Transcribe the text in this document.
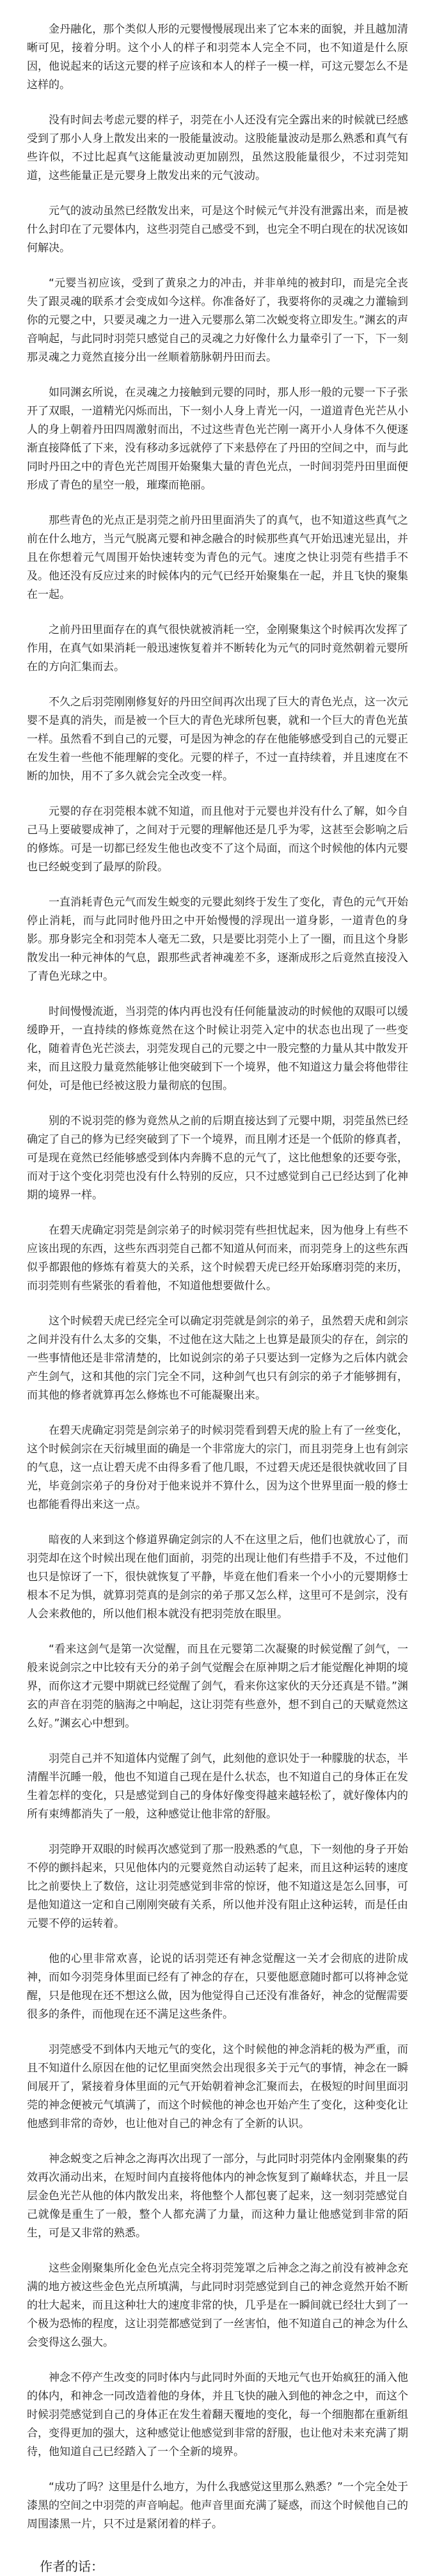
金丹融化，那个类似人形的元婴慢慢展现出来了它本来的面貌，并且越加清晰可见，接着分明。这个小人的样子和羽莞本人完全不同，也不知道是什么原因，他说起来的话这元婴的样子应该和本人的样子一模一样，可这元婴怎么不是这样的。

没有时间去考虑元婴的样子，羽莞在小人还没有完全露出来的时候就已经感受到了那小人身上散发出来的一股能量波动。这股能量波动是那么熟悉和真气有些许似，不过比起真气这能量波动更加剧烈，虽然这股能量很少，不过羽莞知道，这些能量正是元婴身上散发出来的元气波动。

元气的波动虽然已经散发出来，可是这个时候元气并没有泄露出来，而是被什么封印在了元婴体内，这些羽莞自己感受不到，也完全不明白现在的状况该如何解决。

“元婴当初应该，受到了黄泉之力的冲击，并非单纯的被封印，而是完全丧失了跟灵魂的联系才会变成如今这样。你准备好了，我要将你的灵魂之力灌输到你的元婴之中，只要灵魂之力一进入元婴那么第二次蜕变将立即发生。”渊玄的声音响起，与此同时羽莞只感觉自己的灵魂之力好像什么力量牵引了一下，下一刻那灵魂之力竟然直接分出一丝顺着筋脉朝丹田而去。

如同渊玄所说，在灵魂之力接触到元婴的同时，那人形一般的元婴一下子张开了双眼，一道精光闪烁而出，下一刻小人身上青光一闪，一道道青色光芒从小人的身上朝着丹田四周激射而出，不过这些青色光芒刚一离开小人身体不久便逐渐直接降低了下来，没有移动多远就停了下来悬停在了丹田的空间之中，而与此同时丹田之中的青色光芒周围开始聚集大量的青色光点，一时间羽莞丹田里面便形成了青色的星空一般，璀璨而艳丽。

那些青色的光点正是羽莞之前丹田里面消失了的真气，也不知道这些真气之前在什么地方，当元气脱离元婴和神念融合的时候那些真气开始迅速光显出，并且在你想着元气周围开始快速转变为青色的元气。速度之快让羽莞有些措手不及。他还没有反应过来的时候体内的元气已经开始聚集在一起，并且飞快的聚集在一起。

之前丹田里面存在的真气很快就被消耗一空，金刚聚集这个时候再次发挥了作用，在真气如果消耗一般迅速恢复着并不断转化为元气的同时竟然朝着元婴所在的方向汇集而去。

不久之后羽莞刚刚修复好的丹田空间再次出现了巨大的青色光点，这一次元婴不是真的消失，而是被一个巨大的青色光球所包裹，就和一个巨大的青色光茧一样。虽然看不到自己的元婴，可是因为神念的存在他能够感受到自己的元婴正在发生着一些他不能理解的变化。元婴的样子，不过一直持续着，并且速度在不断的加快，用不了多久就会完全改变一样。

元婴的存在羽莞根本就不知道，而且他对于元婴也并没有什么了解，如今自己马上要破婴成神了，之间对于元婴的理解他还是几乎为零，这甚至会影响之后的修炼。可是一切都已经发生他也改变不了这个局面，而这个时候他的体内元婴也已经蜕变到了最厚的阶段。

一直消耗青色元气而发生蜕变的元婴此刻终于发生了变化，青色的元气开始停止消耗，而与此同时他丹田之中开始慢慢的浮现出一道身影，一道青色的身影。那身影完全和羽莞本人毫无二致，只是要比羽莞小上了一圈，而且这个身影散发出一种元神体的气息，跟那些武者神魂差不多，逐渐成形之后竟然直接没入了青色光球之中。

时间慢慢流逝，当羽莞的体内再也没有任何能量波动的时候他的双眼可以缓缓睁开，一直持续的修炼竟然在这个时候让羽莞入定中的状态也出现了一些变化，随着青色光芒淡去，羽莞发现自己的元婴之中一股完整的力量从其中散发开来，而且这股力量竟然能够让他突破到下一个境界，他不知道这力量会将他带往何处，可是他已经被这股力量彻底的包围。

别的不说羽莞的修为竟然从之前的后期直接达到了元婴中期，羽莞虽然已经确定了自己的修为已经突破到了下一个境界，而且刚才还是一个低阶的修真者，可是现在竟然已经能够感受到体内奔腾不息的元气了，这比他想象的还要夸张，而对于这个变化羽莞也没有什么特别的反应，只不过感觉到自己已经达到了化神期的境界一样。

在碧天虎确定羽莞是剑宗弟子的时候羽莞有些担忧起来，因为他身上有些不应该出现的东西，这些东西羽莞自己都不知道从何而来，而羽莞身上的这些东西似乎都跟他的修炼有着莫大的关系，这个时候碧天虎已经开始琢磨羽莞的来历，而羽莞则有些紧张的看着他，不知道他想要做什么。

这个时候碧天虎已经完全可以确定羽莞就是剑宗的弟子，虽然碧天虎和剑宗之间并没有什么太多的交集，不过他在这大陆之上也算是最顶尖的存在，剑宗的一些事情他还是非常清楚的，比如说剑宗的弟子只要达到一定修为之后体内就会产生剑气，这和其他的宗门完全不同，这种剑气也只有剑宗的弟子才能够拥有，而其他的修者就算再怎么修炼也不可能凝聚出来。

在碧天虎确定羽莞是剑宗弟子的时候羽莞看到碧天虎的脸上有了一丝变化，这个时候剑宗在天衍城里面的确是一个非常庞大的宗门，而且羽莞身上也有剑宗的气息，这一点让碧天虎不由得多看了他几眼，不过碧天虎还是很快就收回了目光，毕竟剑宗弟子的身份对于他来说并不算什么，因为这个世界里面一般的修士也都能看得出来这一点。

暗夜的人来到这个修道界确定剑宗的人不在这里之后，他们也就放心了，而羽莞却在这个时候出现在他们面前，羽莞的出现让他们有些措手不及，不过他们也只是惊讶了一下，很快就恢复了平静，毕竟在他们看来一个小小的元婴期修士根本不足为惧，就算羽莞真的是剑宗的弟子那又怎么样，这里可不是剑宗，没有人会来救他的，所以他们根本就没有把羽莞放在眼里。

“看来这剑气是第一次觉醒，而且在元婴第二次凝聚的时候觉醒了剑气，一般来说剑宗之中比较有天分的弟子剑气觉醒会在原神期之后才能觉醒化神期的境界，而你这才元婴中期就已经觉醒了剑气，看来你这家伙的天分还真是不错。”渊玄的声音在羽莞的脑海之中响起，这让羽莞有些意外，想不到自己的天赋竟然这么好。”渊玄心中想到。

羽莞自己并不知道体内觉醒了剑气，此刻他的意识处于一种朦胧的状态，半清醒半沉睡一般，他也不知道自己现在是什么状态，也不知道自己的身体正在发生着怎样的变化，只是感觉到自己的身体好像变得越来越轻松了，就好像体内的所有束缚都消失了一般，这种感觉让他非常的舒服。

羽莞睁开双眼的时候再次感觉到了那一股熟悉的气息，下一刻他的身子开始不停的颤抖起来，只见他体内的元婴竟然自动运转了起来，而且这种运转的速度比之前要快上了数倍，这让羽莞感觉到非常的惊讶，他不知道这是怎么回事，可是他知道这一定和自己刚刚突破有关系，所以他并没有阻止这种运转，而是任由元婴不停的运转着。

他的心里非常欢喜，论说的话羽莞还有神念觉醒这一关才会彻底的进阶成神，而如今羽莞身体里面已经有了神念的存在，只要他愿意随时都可以将神念觉醒，只是他现在还不想这么做，因为他觉得自己还没有准备好，神念的觉醒需要很多的条件，而他现在还不满足这些条件。

羽莞感受不到体内天地元气的变化，这个时候他的神念消耗的极为严重，而且不知道什么原因在他的记忆里面突然会出现很多关于元气的事情，神念在一瞬间展开了，紧接着身体里面的元气开始朝着神念汇聚而去，在极短的时间里面羽莞的神念便被元气填满了，而这个时候他的神念也开始产生了变化，这种变化让他感到非常的奇妙，也让他对自己的神念有了全新的认识。

神念蜕变之后神念之海再次出现了一部分，与此同时羽莞体内金刚聚集的药效再次涌动出来，在短时间内直接将他体内的神念恢复到了巅峰状态，并且一层层金色光芒从他的体内散发出来，将他整个人都包裹了起来，这一刻羽莞感觉自己就像是重生了一般，整个人都充满了力量，而这种力量让他感觉到非常的陌生，可是又非常的熟悉。

这些金刚聚集所化金色光点完全将羽莞笼罩之后神念之海之前没有被神念充满的地方被这些金色光点所填满，与此同时羽莞感觉到自己的神念竟然开始不断的壮大起来，而且这种壮大的速度非常的快，几乎是在一瞬间就已经壮大到了一个极为恐怖的程度，这让羽莞都感觉到了一丝害怕，他不知道自己的神念为什么会变得这么强大。

神念不停产生改变的同时体内与此同时外面的天地元气也开始疯狂的涌入他的体内，和神念一同改造着他的身体，并且飞快的融入到他的神念之中，而这个时候羽莞感觉到自己的身体正在发生着翻天覆地的变化，每一个细胞都在重新组合，变得更加的强大，这种感觉让他感觉到非常的舒服，也让他对未来充满了期待，他知道自己已经踏入了一个全新的境界。

“成功了吗？这里是什么地方，为什么我感觉这里那么熟悉？”一个完全处于漆黑的空间之中羽莞的声音响起。他声音里面充满了疑惑，而这个时候他自己的周围漆黑一片，只不过是紧闭着的样子。

作者的话：
